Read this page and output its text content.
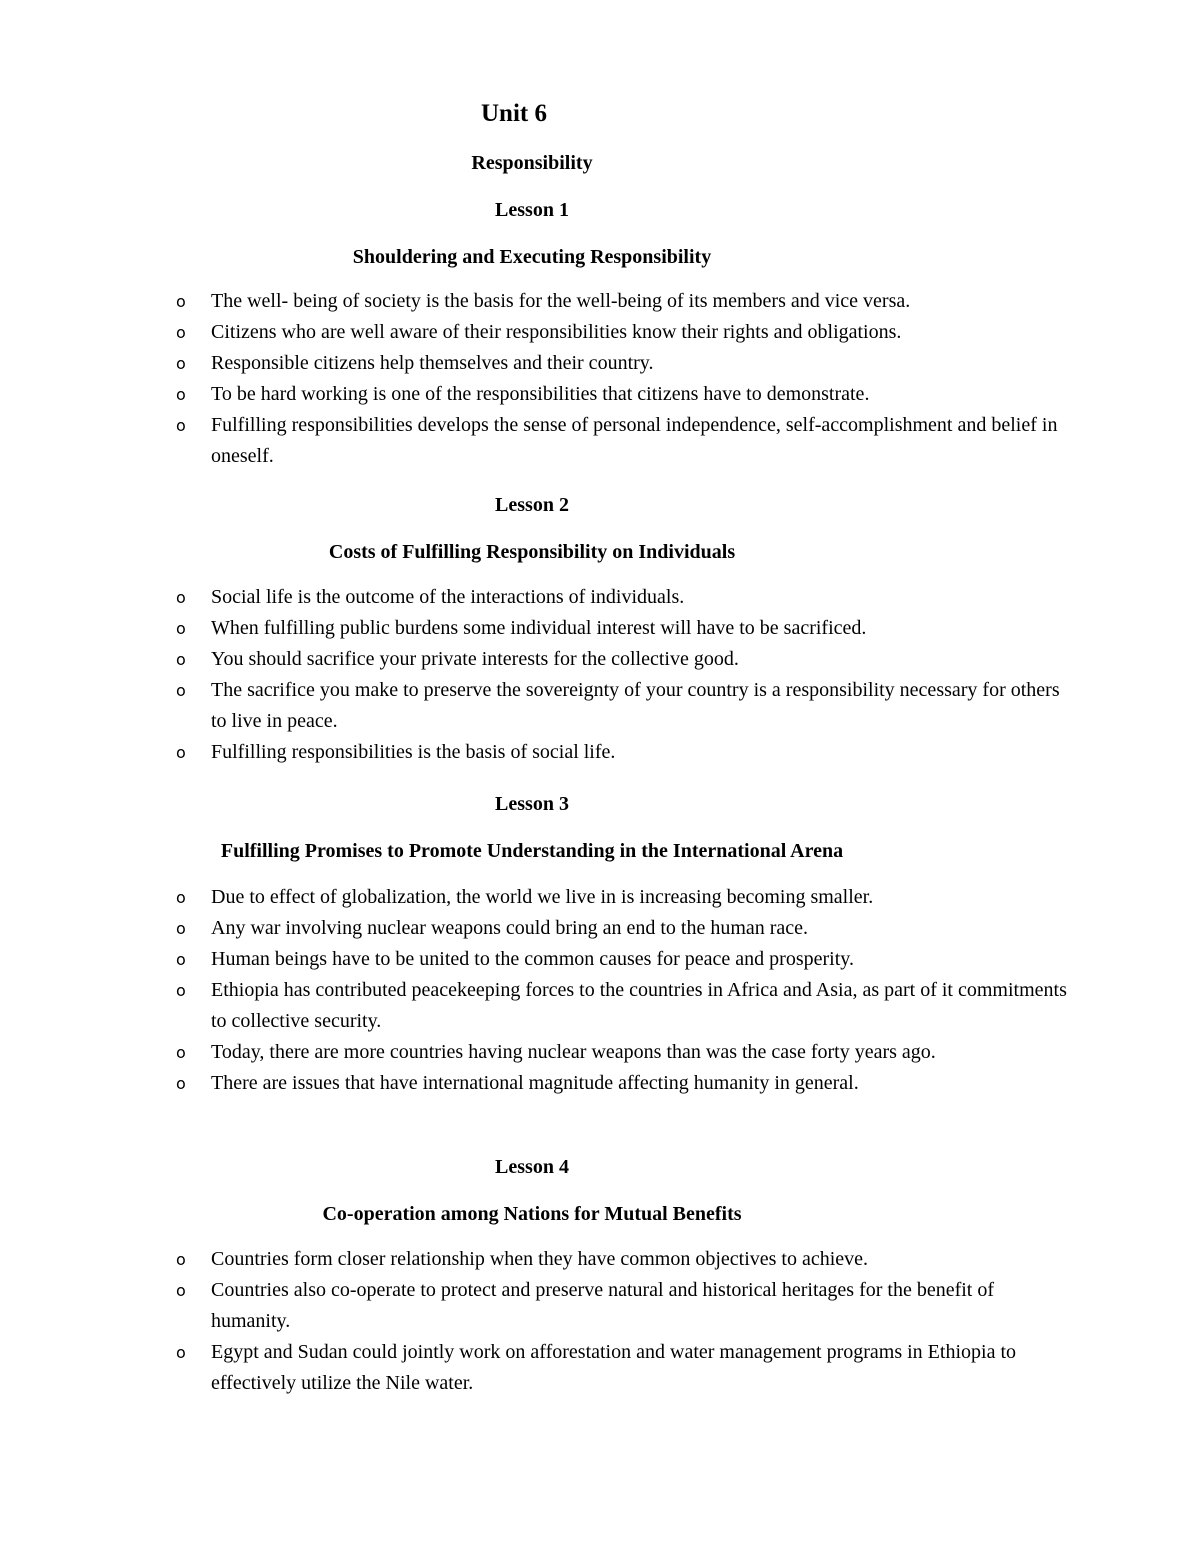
Unit 6
Responsibility
Lesson 1
Shouldering and Executing Responsibility
o The well- being of society is the basis for the well-being of its members and vice versa.
o Citizens who are well aware of their responsibilities know their rights and obligations.
o Responsible citizens help themselves and their country.
o To be hard working is one of the responsibilities that citizens have to demonstrate.
o Fulfilling responsibilities develops the sense of personal independence, self-accomplishment and belief in oneself.
Lesson 2
Costs of Fulfilling Responsibility on Individuals
o Social life is the outcome of the interactions of individuals.
o When fulfilling public burdens some individual interest will have to be sacrificed.
o You should sacrifice your private interests for the collective good.
o The sacrifice you make to preserve the sovereignty of your country is a responsibility necessary for others to live in peace.
o Fulfilling responsibilities is the basis of social life.
Lesson 3
Fulfilling Promises to Promote Understanding in the International Arena
o Due to effect of globalization, the world we live in is increasing becoming smaller.
o Any war involving nuclear weapons could bring an end to the human race.
o Human beings have to be united to the common causes for peace and prosperity.
o Ethiopia has contributed peacekeeping forces to the countries in Africa and Asia, as part of it commitments to collective security.
o Today, there are more countries having nuclear weapons than was the case forty years ago.
o There are issues that have international magnitude affecting humanity in general.
Lesson 4
Co-operation among Nations for Mutual Benefits
o Countries form closer relationship when they have common objectives to achieve.
o Countries also co-operate to protect and preserve natural and historical heritages for the benefit of humanity.
o Egypt and Sudan could jointly work on afforestation and water management programs in Ethiopia to effectively utilize the Nile water.
